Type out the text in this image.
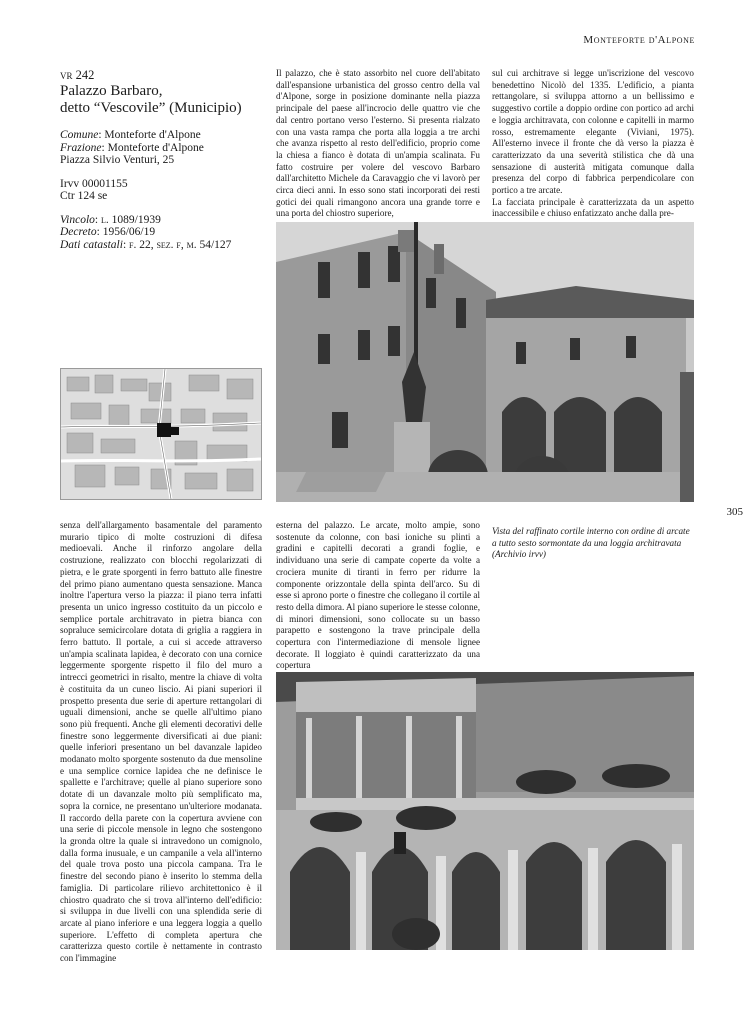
Monteforte d'Alpone
305

vr 242

Palazzo Barbaro,
detto “Vescovile” (Municipio)
Comune: Monteforte d'Alpone
Frazione: Monteforte d'Alpone
Piazza Silvio Venturi, 25
Irvv 00001155
Ctr 124 se
Vincolo: l. 1089/1939
Decreto: 1956/06/19
Dati catastali: f. 22, sez. f, m. 54/127

Il palazzo, che è stato assorbito nel cuore dell'abitato dall'espansione urbanistica del grosso centro della val d'Alpone, sorge in posizione dominante nella piazza principale del paese all'incrocio delle quattro vie che dal centro portano verso l'esterno. Si presenta rialzato con una vasta rampa che porta alla loggia a tre archi che avanza rispetto al resto dell'edificio, proprio come la chiesa a fianco è dotata di un'ampia scalinata. Fu fatto costruire per volere del vescovo Barbaro dall'architetto Michele da Caravaggio che vi lavorò per circa dieci anni. In esso sono stati incorporati dei resti gotici dei quali rimangono ancora una grande torre e una porta del chiostro superiore,

sul cui architrave si legge un'iscrizione del vescovo benedettino Nicolò del 1335. L'edificio, a pianta rettangolare, si sviluppa attorno a un bellissimo e suggestivo cortile a doppio ordine con portico ad archi e loggia architravata, con colonne e capitelli in marmo rosso, estremamente elegante (Viviani, 1975). All'esterno invece il fronte che dà verso la piazza è caratterizzato da una severità stilistica che dà una sensazione di austerità mitigata comunque dalla presenza del corpo di fabbrica perpendicolare con portico a tre arcate.

La facciata principale è caratterizzata da un aspetto inaccessibile e chiuso enfatizzato anche dalla pre-

senza dell'allargamento basamentale del paramento murario tipico di molte costruzioni di difesa medioevali. Anche il rinforzo angolare della costruzione, realizzato con blocchi regolarizzati di pietra, e le grate sporgenti in ferro battuto alle finestre del primo piano aumentano questa sensazione. Manca inoltre l'apertura verso la piazza: il piano terra infatti presenta un unico ingresso costituito da un piccolo e semplice portale architravato in pietra bianca con sopraluce semicircolare dotata di griglia a raggiera in ferro battuto. Il portale, a cui si accede attraverso un'ampia scalinata lapidea, è decorato con una cornice leggermente sporgente rispetto il filo del muro a intrecci geometrici in risalto, mentre la chiave di volta è costituita da un cuneo liscio. Ai piani superiori il prospetto presenta due serie di aperture rettangolari di uguali dimensioni, anche se quelle all'ultimo piano sono più frequenti. Anche gli elementi decorativi delle finestre sono leggermente diversificati ai due piani: quelle inferiori presentano un bel davanzale lapideo modanato molto sporgente sostenuto da due mensoline e una semplice cornice lapidea che ne definisce le spallette e l'architrave; quelle al piano superiore sono dotate di un davanzale molto più semplificato ma, sopra la cornice, ne presentano un'ulteriore modanata. Il raccordo della parete con la copertura avviene con una serie di piccole mensole in legno che sostengono la gronda oltre la quale si intravedono un comignolo, dalla forma inusuale, e un campanile a vela all'interno del quale trova posto una piccola campana. Tra le finestre del secondo piano è inserito lo stemma della famiglia. Di particolare rilievo architettonico è il chiostro quadrato che si trova all'interno dell'edificio: si sviluppa in due livelli con una splendida serie di arcate al piano inferiore e una leggera loggia a quello superiore. L'effetto di completa apertura che caratterizza questo cortile è nettamente in contrasto con l'immagine

esterna del palazzo. Le arcate, molto ampie, sono sostenute da colonne, con basi ioniche su plinti a gradini e capitelli decorati a grandi foglie, e individuano una serie di campate coperte da volte a crociera munite di tiranti in ferro per ridurre la componente orizzontale della spinta dell'arco. Su di esse si aprono porte o finestre che collegano il cortile al resto della dimora. Al piano superiore le stesse colonne, di minori dimensioni, sono collocate su un basso parapetto e sostengono la trave principale della copertura con l'intermediazione di mensole lignee decorate. Il loggiato è quindi caratterizzato da una copertura

Vista del raffinato cortile interno con ordine di arcate a tutto sesto sormontate da una loggia architravata (Archivio irvv)
